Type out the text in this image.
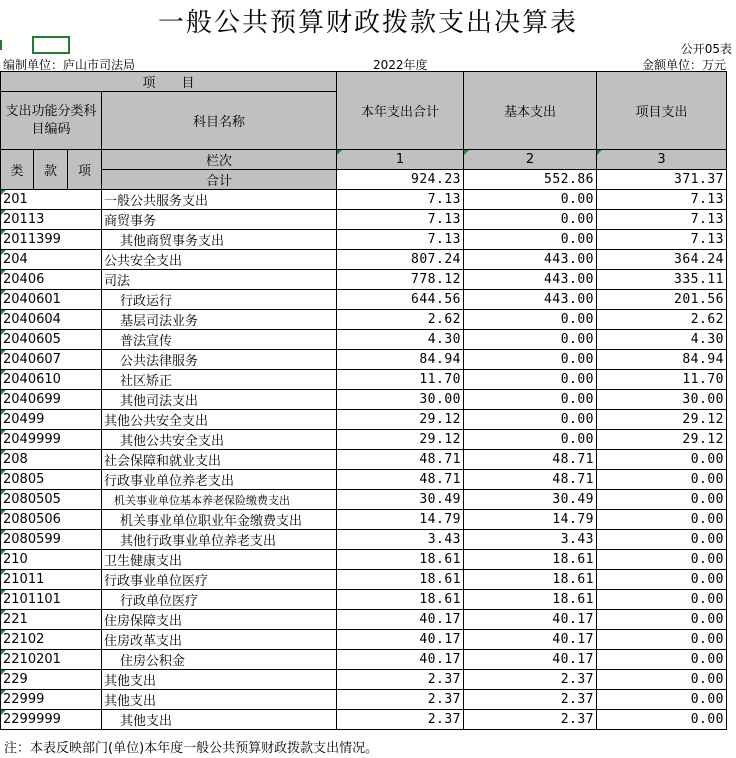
一般公共预算财政拨款支出决算表
公开05表
编制单位：庐山市司法局	2022年度	金额单位：万元
项　　目				本年支出合计	基本支出	项目支出
支出功能分类科目编码			科目名称			

类	款	项	栏次	1	2	3
			合计	924.23	552.86	371.37
201			一般公共服务支出	7.13	0.00	7.13
20113			商贸事务	7.13	0.00	7.13
2011399			其他商贸事务支出	7.13	0.00	7.13
204			公共安全支出	807.24	443.00	364.24
20406			司法	778.12	443.00	335.11
2040601			行政运行	644.56	443.00	201.56
2040604			基层司法业务	2.62	0.00	2.62
2040605			普法宣传	4.30	0.00	4.30
2040607			公共法律服务	84.94	0.00	84.94
2040610			社区矫正	11.70	0.00	11.70
2040699			其他司法支出	30.00	0.00	30.00
20499			其他公共安全支出	29.12	0.00	29.12
2049999			其他公共安全支出	29.12	0.00	29.12
208			社会保障和就业支出	48.71	48.71	0.00
20805			行政事业单位养老支出	48.71	48.71	0.00
2080505			机关事业单位基本养老保险缴费支出	30.49	30.49	0.00
2080506			机关事业单位职业年金缴费支出	14.79	14.79	0.00
2080599			其他行政事业单位养老支出	3.43	3.43	0.00
210			卫生健康支出	18.61	18.61	0.00
21011			行政事业单位医疗	18.61	18.61	0.00
2101101			行政单位医疗	18.61	18.61	0.00
221			住房保障支出	40.17	40.17	0.00
22102			住房改革支出	40.17	40.17	0.00
2210201			住房公积金	40.17	40.17	0.00
229			其他支出	2.37	2.37	0.00
22999			其他支出	2.37	2.37	0.00
2299999			其他支出	2.37	2.37	0.00
注：本表反映部门(单位)本年度一般公共预算财政拨款支出情况。
